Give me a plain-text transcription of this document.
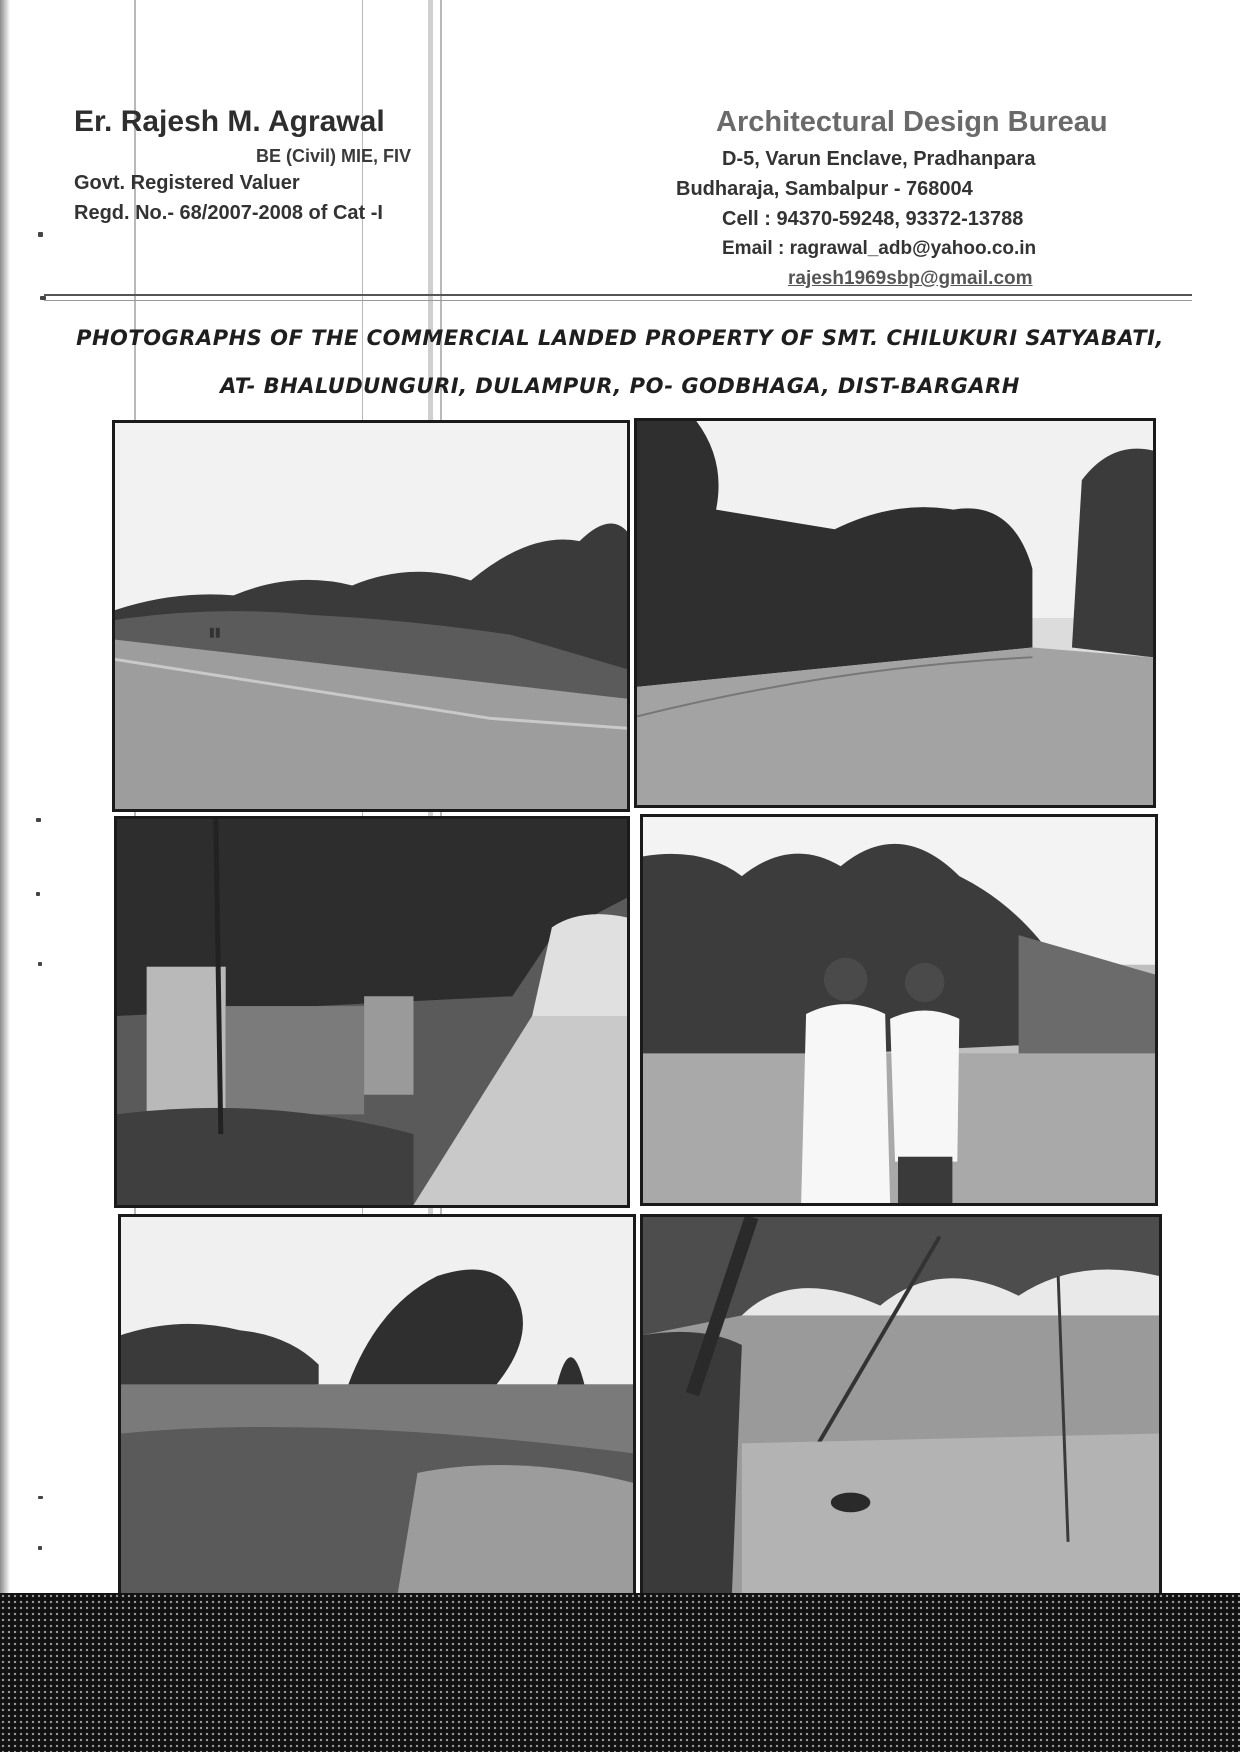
Er. Rajesh M. Agrawal
BE (Civil) MIE, FIV
Govt. Registered Valuer
Regd. No.- 68/2007-2008 of Cat -I
Architectural Design Bureau
D-5, Varun Enclave, Pradhanpara
Budharaja, Sambalpur - 768004
Cell : 94370-59248, 93372-13788
Email : ragrawal_adb@yahoo.co.in
rajesh1969sbp@gmail.com
PHOTOGRAPHS OF THE COMMERCIAL LANDED PROPERTY OF SMT. CHILUKURI SATYABATI,
AT- BHALUDUNGURI, DULAMPUR, PO- GODBHAGA, DIST-BARGARH
